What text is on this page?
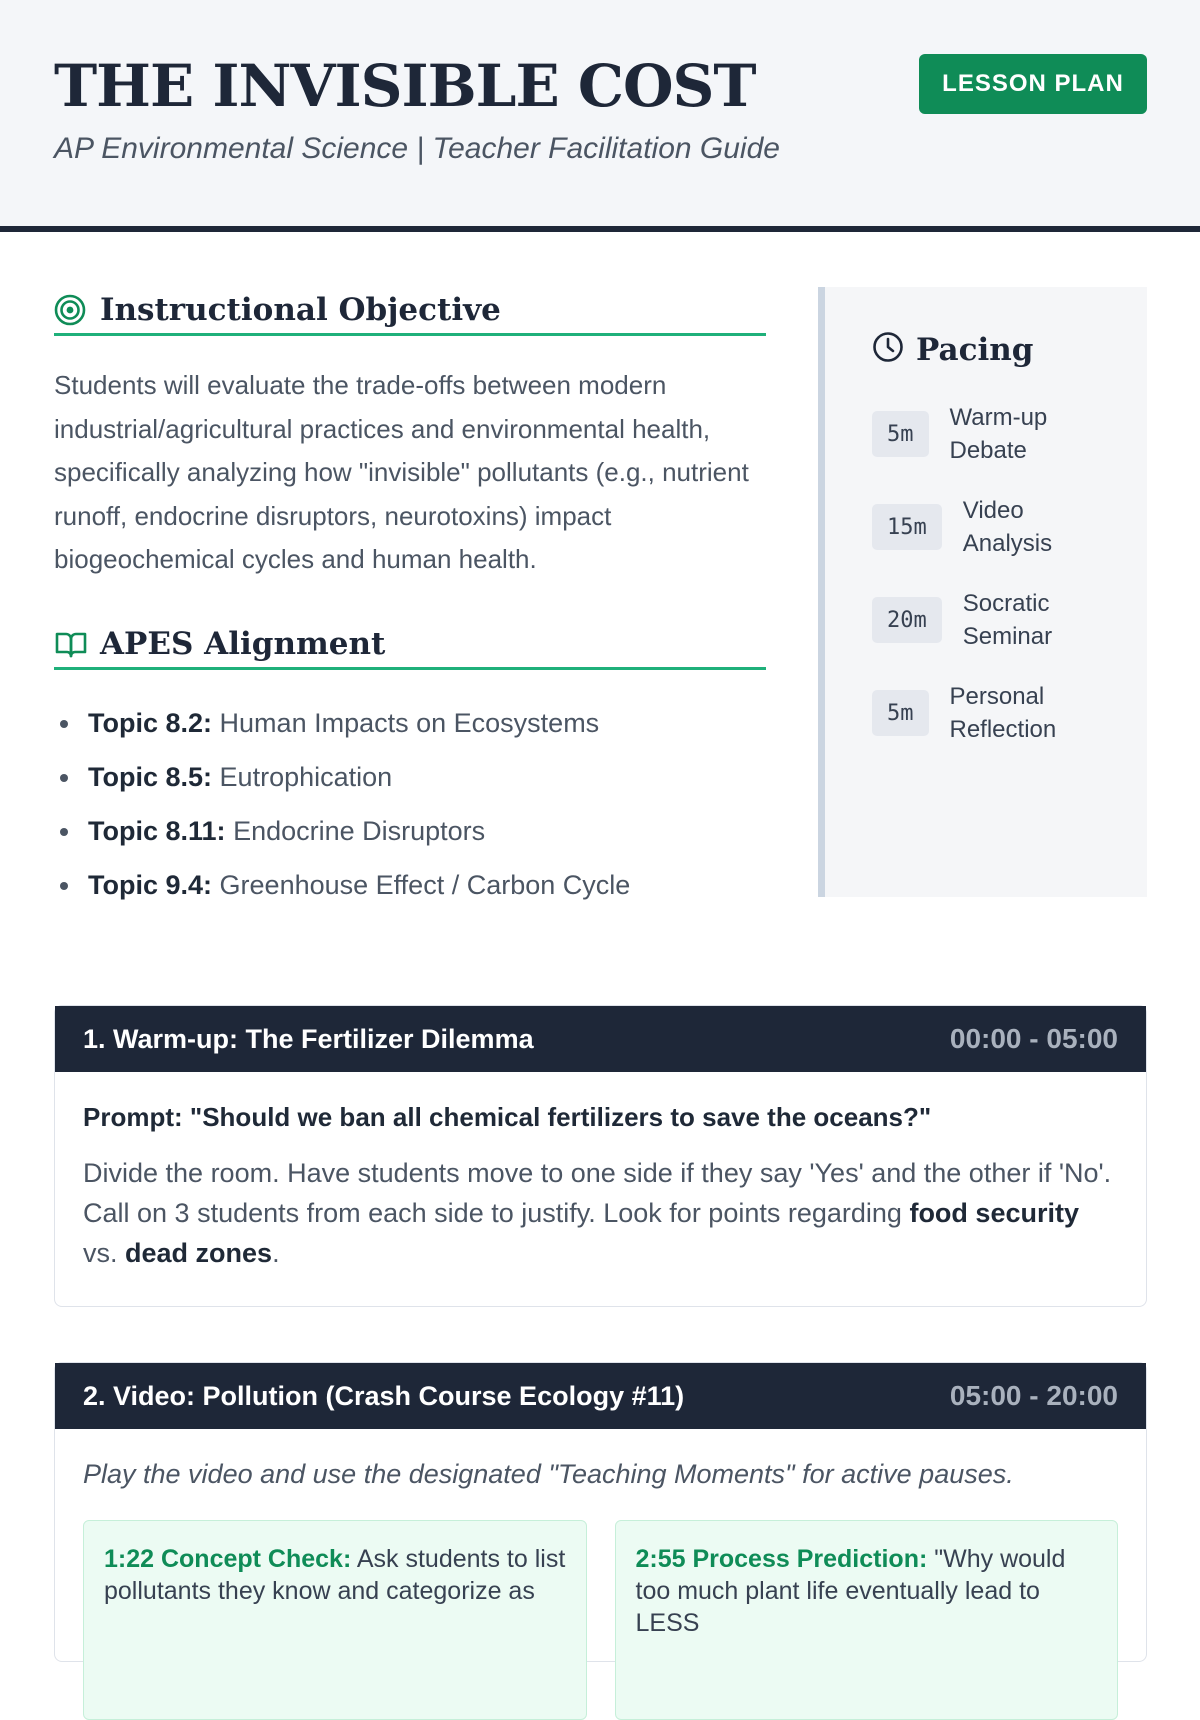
THE INVISIBLE COST
AP Environmental Science | Teacher Facilitation Guide
LESSON PLAN
Instructional Objective

Students will evaluate the trade-offs between modern industrial/agricultural practices and environmental health, specifically analyzing how "invisible" pollutants (e.g., nutrient runoff, endocrine disruptors, neurotoxins) impact biogeochemical cycles and human health.

APES Alignment
Topic 8.2: Human Impacts on Ecosystems
Topic 8.5: Eutrophication
Topic 8.11: Endocrine Disruptors
Topic 9.4: Greenhouse Effect / Carbon Cycle
Pacing
5m
Warm-up Debate
15m
Video Analysis
20m
Socratic Seminar
5m
Personal Reflection
1. Warm-up: The Fertilizer Dilemma	00:00 - 05:00

Prompt: "Should we ban all chemical fertilizers to save the oceans?"

Divide the room. Have students move to one side if they say 'Yes' and the other if 'No'. Call on 3 students from each side to justify. Look for points regarding food security vs. dead zones.

2. Video: Pollution (Crash Course Ecology #11)	05:00 - 20:00

Play the video and use the designated "Teaching Moments" for active pauses.

1:22 Concept Check: Ask students to list pollutants they know and categorize as
2:55 Process Prediction: "Why would too much plant life eventually lead to LESS
